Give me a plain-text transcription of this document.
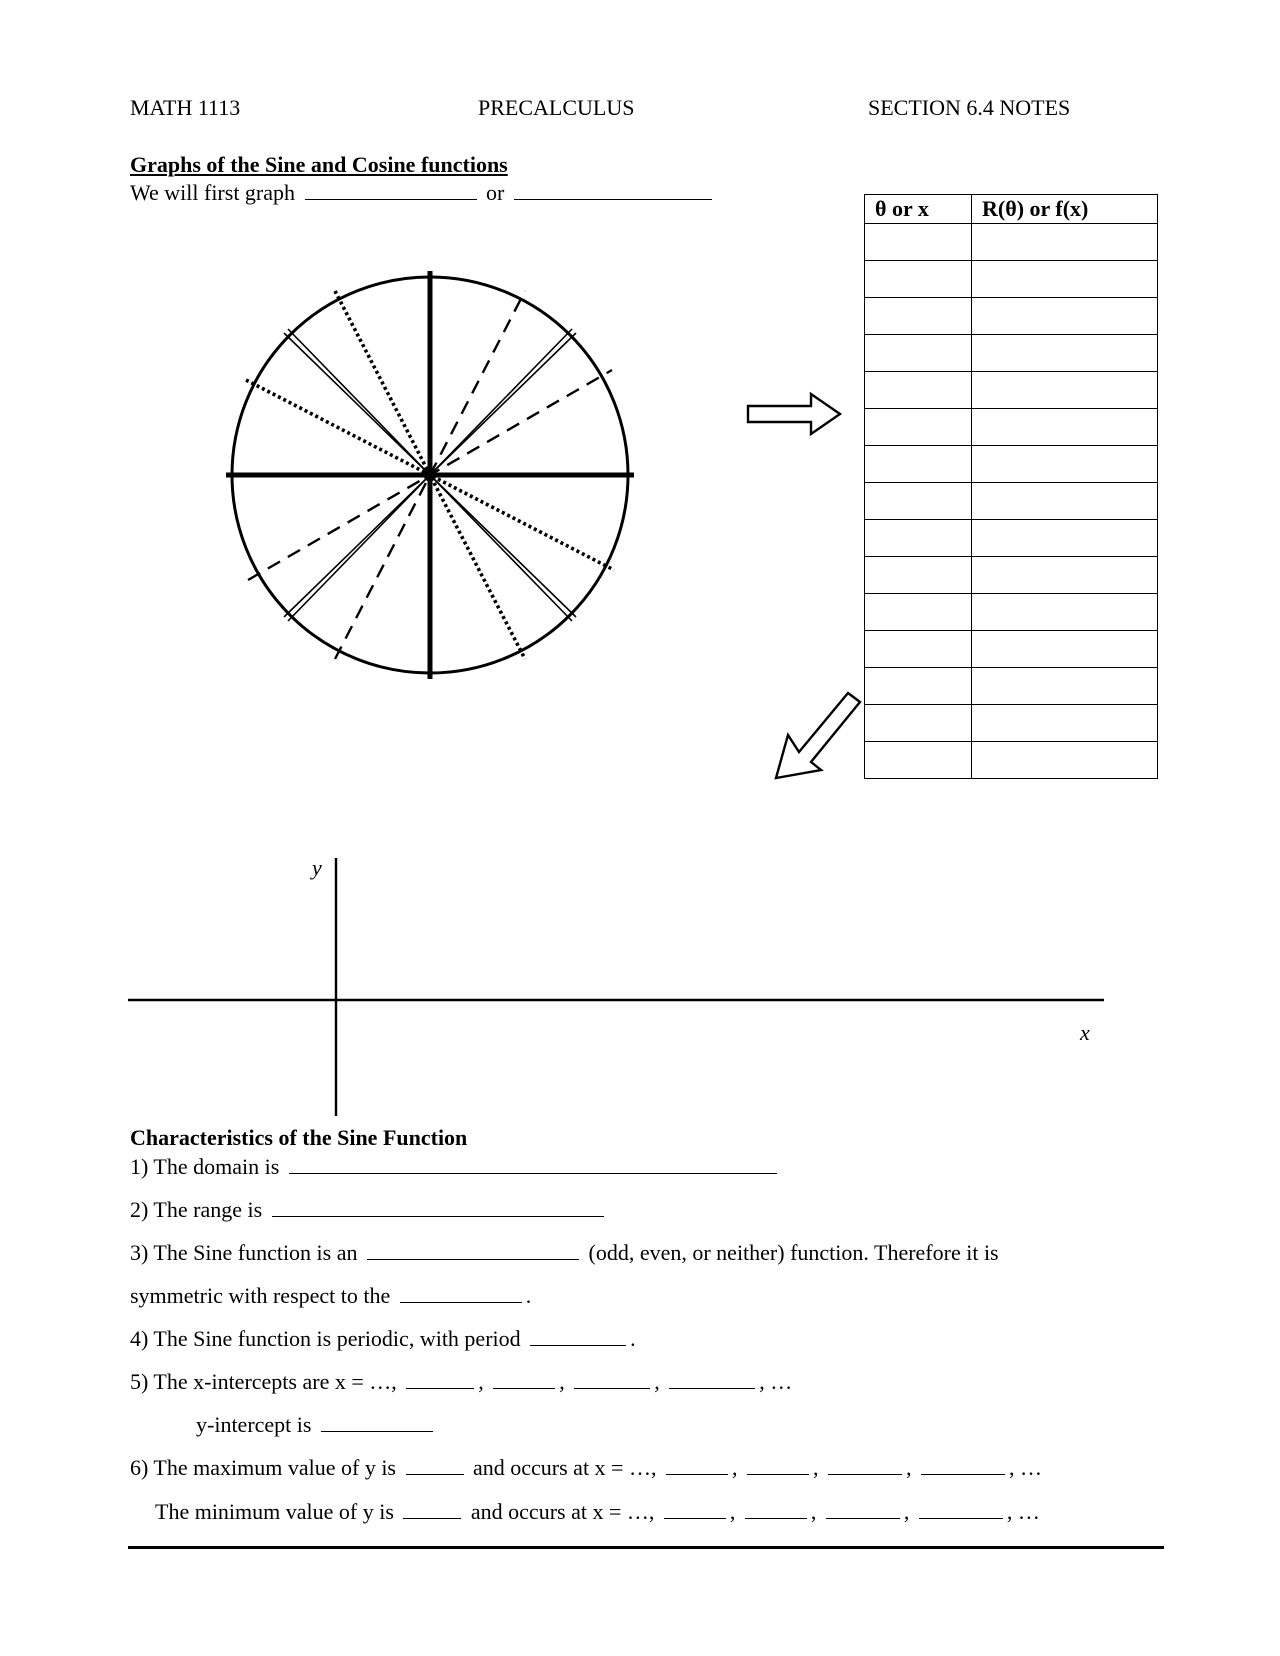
MATH 1113	PRECALCULUS	SECTION 6.4 NOTES
Graphs of the Sine and Cosine functions
We will first graph	or
θ or x	R(θ) or f(x)

y
x
Characteristics of the Sine Function
1) The domain is
2) The range is
3) The Sine function is an	(odd, even, or neither) function. Therefore it is
symmetric with respect to the	.
4) The Sine function is periodic, with period	.
5) The x-intercepts are x = …,	,	,	,	, …
y-intercept is
6) The maximum value of y is	and occurs at x = …,	,	,	,	, …
The minimum value of y is	and occurs at x = …,	,	,	,	, …
